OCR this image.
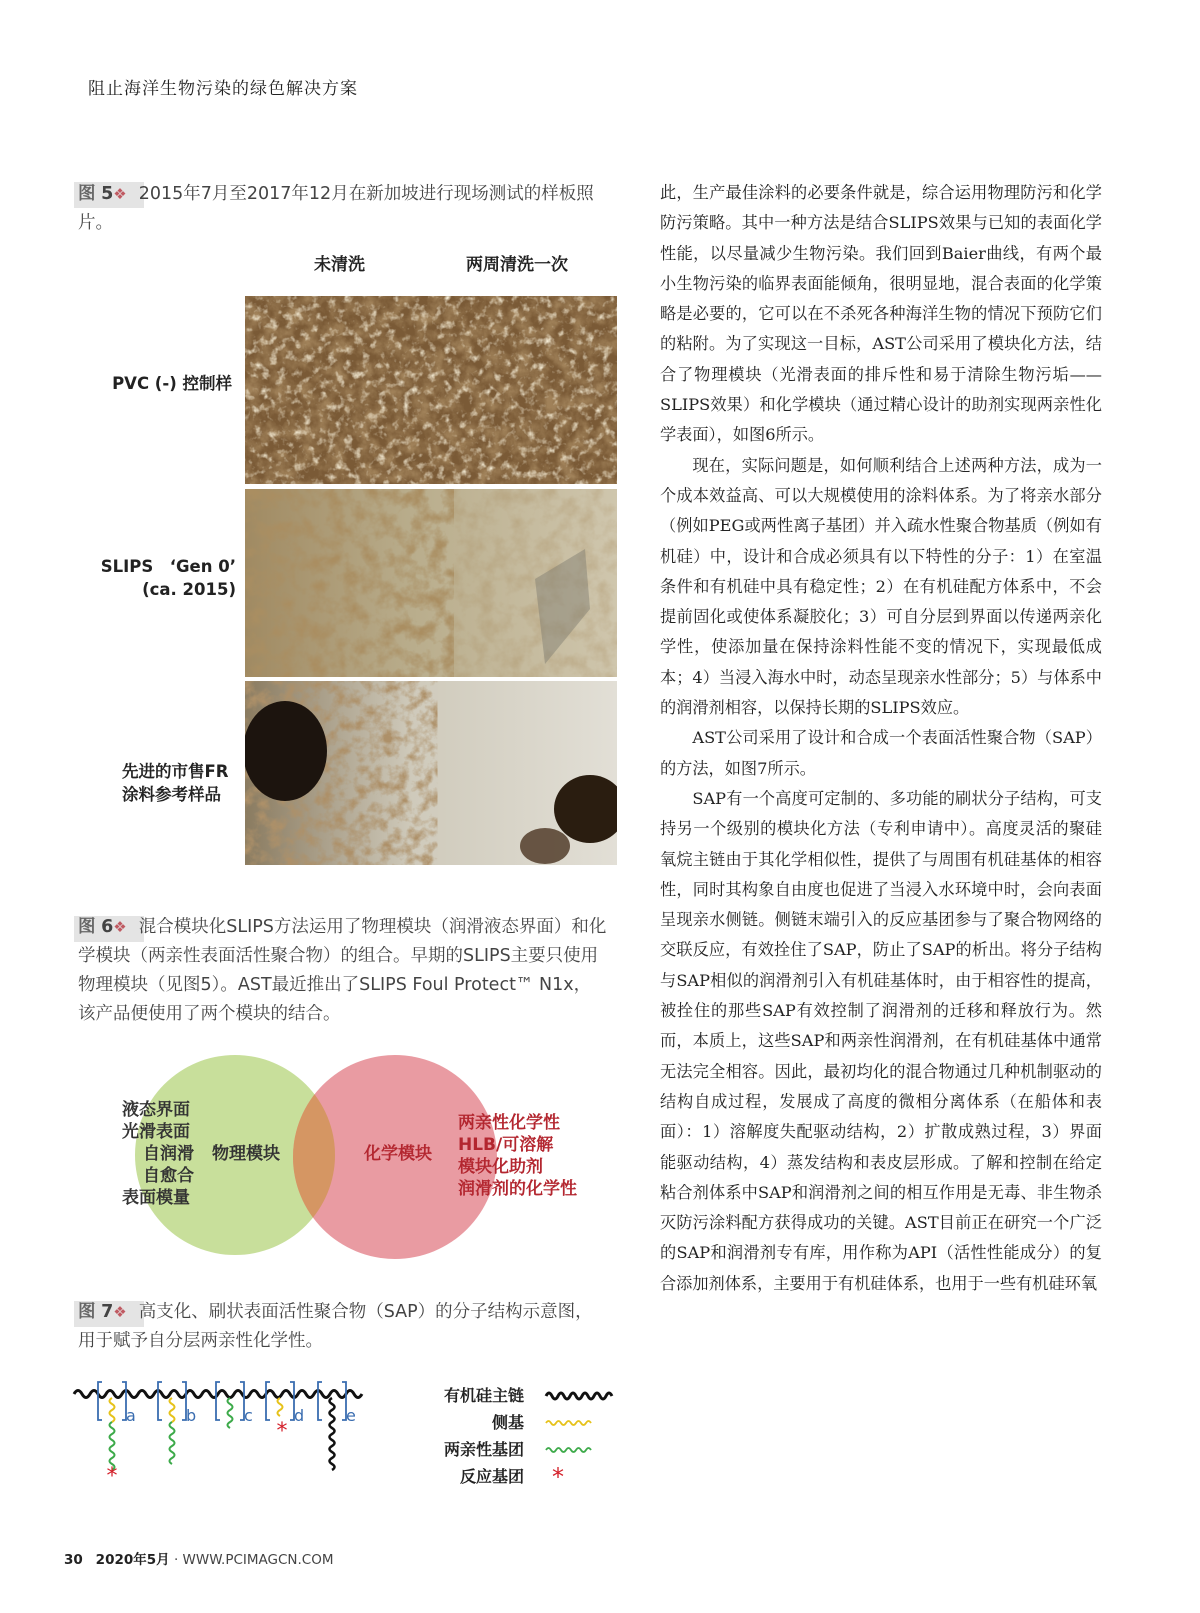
阻止海洋生物污染的绿色解决方案
图 5❖ 2015年7月至2017年12月在新加坡进行现场测试的样板照片。
未清洗	两周清洗一次
PVC (-) 控制样
SLIPS　‘Gen 0’
(ca. 2015)
先进的市售FR
涂料参考样品
图 6❖ 混合模块化SLIPS方法运用了物理模块（润滑液态界面）和化学模块（两亲性表面活性聚合物）的组合。早期的SLIPS主要只使用物理模块（见图5）。AST最近推出了SLIPS Foul Protect™ N1x，该产品便使用了两个模块的结合。
液态界面
光滑表面
自润滑
自愈合
表面模量
物理模块	化学模块
两亲性化学性
HLB/可溶解
模块化助剂
润滑剂的化学性
图 7❖ 高支化、刷状表面活性聚合物（SAP）的分子结构示意图，用于赋予自分层两亲性化学性。
*
*
a	b	c	d	e
有机硅主链
侧基
两亲性基团
反应基团 *

此，生产最佳涂料的必要条件就是，综合运用物理防污和化学防污策略。其中一种方法是结合SLIPS效果与已知的表面化学性能，以尽量减少生物污染。我们回到Baier曲线，有两个最小生物污染的临界表面能倾角，很明显地，混合表面的化学策略是必要的，它可以在不杀死各种海洋生物的情况下预防它们的粘附。为了实现这一目标，AST公司采用了模块化方法，结合了物理模块（光滑表面的排斥性和易于清除生物污垢——SLIPS效果）和化学模块（通过精心设计的助剂实现两亲性化学表面），如图6所示。

现在，实际问题是，如何顺利结合上述两种方法，成为一个成本效益高、可以大规模使用的涂料体系。为了将亲水部分（例如PEG或两性离子基团）并入疏水性聚合物基质（例如有机硅）中，设计和合成必须具有以下特性的分子：1）在室温条件和有机硅中具有稳定性；2）在有机硅配方体系中，不会提前固化或使体系凝胶化；3）可自分层到界面以传递两亲化学性，使添加量在保持涂料性能不变的情况下，实现最低成本；4）当浸入海水中时，动态呈现亲水性部分；5）与体系中的润滑剂相容，以保持长期的SLIPS效应。

AST公司采用了设计和合成一个表面活性聚合物（SAP）的方法，如图7所示。

SAP有一个高度可定制的、多功能的刷状分子结构，可支持另一个级别的模块化方法（专利申请中）。高度灵活的聚硅氧烷主链由于其化学相似性，提供了与周围有机硅基体的相容性，同时其构象自由度也促进了当浸入水环境中时，会向表面呈现亲水侧链。侧链末端引入的反应基团参与了聚合物网络的交联反应，有效拴住了SAP，防止了SAP的析出。将分子结构与SAP相似的润滑剂引入有机硅基体时，由于相容性的提高，被拴住的那些SAP有效控制了润滑剂的迁移和释放行为。然而，本质上，这些SAP和两亲性润滑剂，在有机硅基体中通常无法完全相容。因此，最初均化的混合物通过几种机制驱动的结构自成过程，发展成了高度的微相分离体系（在船体和表面）：1）溶解度失配驱动结构，2）扩散成熟过程，3）界面能驱动结构，4）蒸发结构和表皮层形成。了解和控制在给定粘合剂体系中SAP和润滑剂之间的相互作用是无毒、非生物杀灭防污涂料配方获得成功的关键。AST目前正在研究一个广泛的SAP和润滑剂专有库，用作称为API（活性性能成分）的复合添加剂体系，主要用于有机硅体系，也用于一些有机硅环氧

30 2020年5月 · WWW.PCIMAGCN.COM
